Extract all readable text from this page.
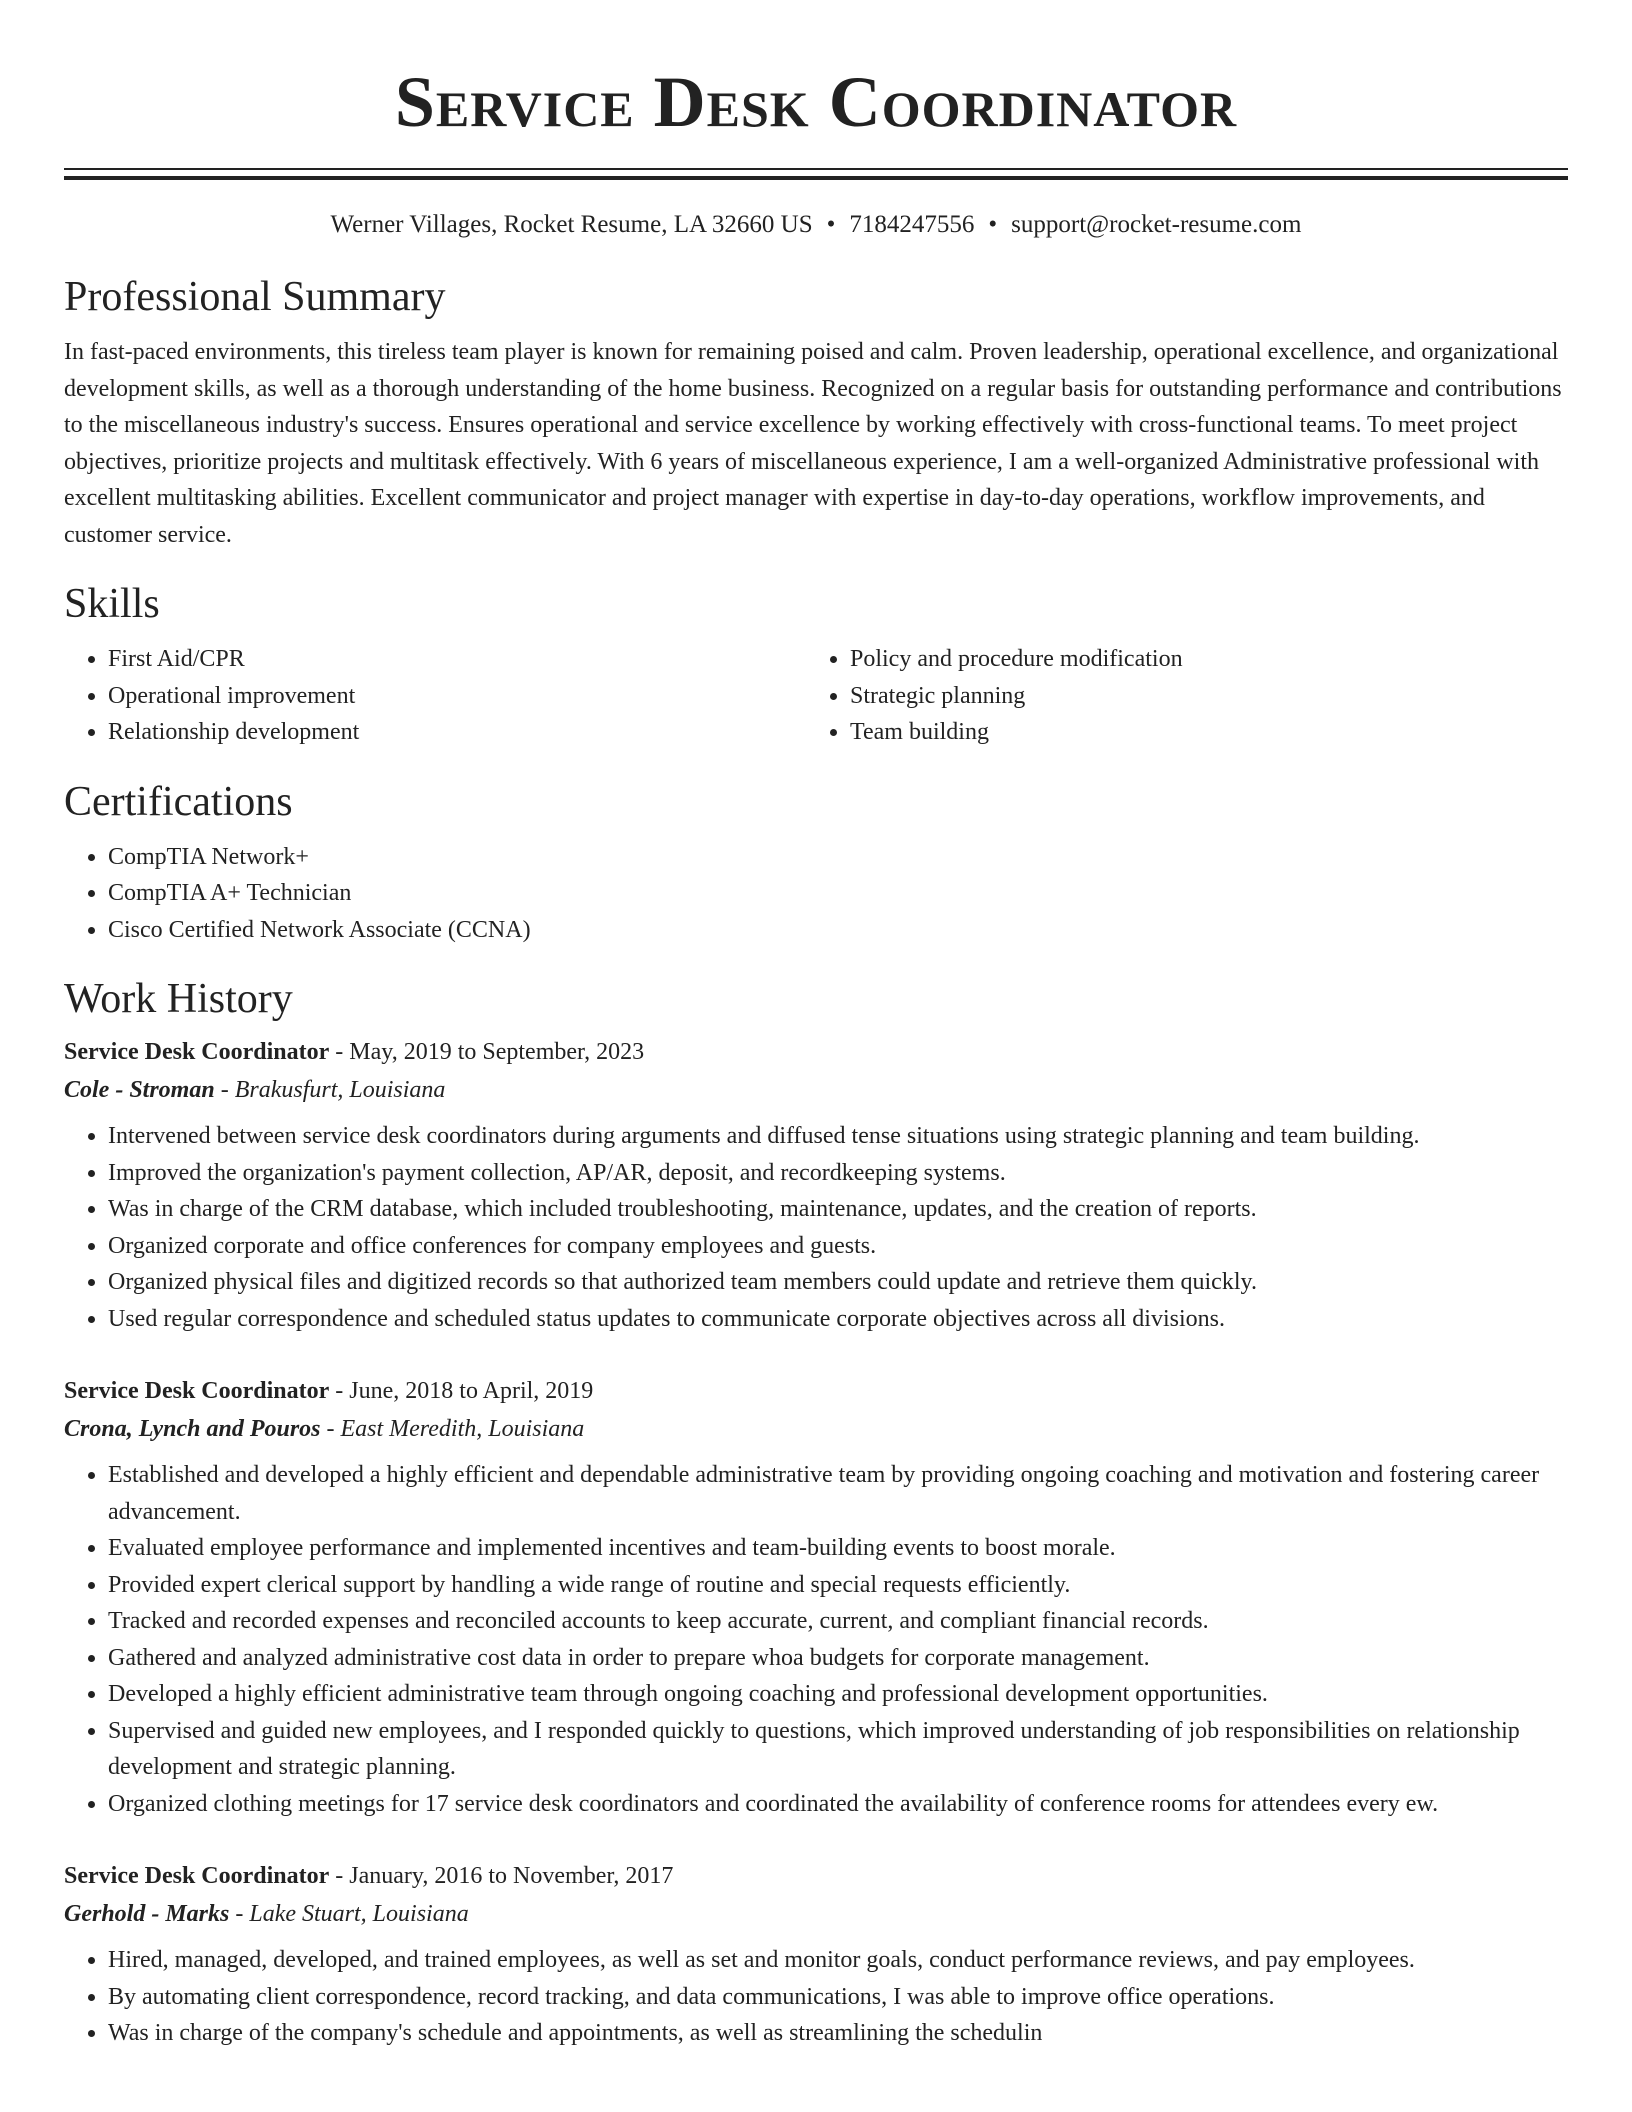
Service Desk Coordinator
Werner Villages, Rocket Resume, LA 32660 US • 7184247556 • support@rocket-resume.com
Professional Summary

In fast-paced environments, this tireless team player is known for remaining poised and calm. Proven leadership, operational excellence, and organizational development skills, as well as a thorough understanding of the home business. Recognized on a regular basis for outstanding performance and contributions to the miscellaneous industry's success. Ensures operational and service excellence by working effectively with cross-functional teams. To meet project objectives, prioritize projects and multitask effectively. With 6 years of miscellaneous experience, I am a well-organized Administrative professional with excellent multitasking abilities. Excellent communicator and project manager with expertise in day-to-day operations, workflow improvements, and customer service.

Skills
• First Aid/CPR
• Operational improvement
• Relationship development
• Policy and procedure modification
• Strategic planning
• Team building
Certifications
• CompTIA Network+
• CompTIA A+ Technician
• Cisco Certified Network Associate (CCNA)
Work History
Service Desk Coordinator - May, 2019 to September, 2023
Cole - Stroman - Brakusfurt, Louisiana
• Intervened between service desk coordinators during arguments and diffused tense situations using strategic planning and team building.
• Improved the organization's payment collection, AP/AR, deposit, and recordkeeping systems.
• Was in charge of the CRM database, which included troubleshooting, maintenance, updates, and the creation of reports.
• Organized corporate and office conferences for company employees and guests.
• Organized physical files and digitized records so that authorized team members could update and retrieve them quickly.
• Used regular correspondence and scheduled status updates to communicate corporate objectives across all divisions.
Service Desk Coordinator - June, 2018 to April, 2019
Crona, Lynch and Pouros - East Meredith, Louisiana
• Established and developed a highly efficient and dependable administrative team by providing ongoing coaching and motivation and fostering career advancement.
• Evaluated employee performance and implemented incentives and team-building events to boost morale.
• Provided expert clerical support by handling a wide range of routine and special requests efficiently.
• Tracked and recorded expenses and reconciled accounts to keep accurate, current, and compliant financial records.
• Gathered and analyzed administrative cost data in order to prepare whoa budgets for corporate management.
• Developed a highly efficient administrative team through ongoing coaching and professional development opportunities.
• Supervised and guided new employees, and I responded quickly to questions, which improved understanding of job responsibilities on relationship development and strategic planning.
• Organized clothing meetings for 17 service desk coordinators and coordinated the availability of conference rooms for attendees every ew.
Service Desk Coordinator - January, 2016 to November, 2017
Gerhold - Marks - Lake Stuart, Louisiana
• Hired, managed, developed, and trained employees, as well as set and monitor goals, conduct performance reviews, and pay employees.
• By automating client correspondence, record tracking, and data communications, I was able to improve office operations.
• Was in charge of the company's schedule and appointments, as well as streamlining the schedulin
